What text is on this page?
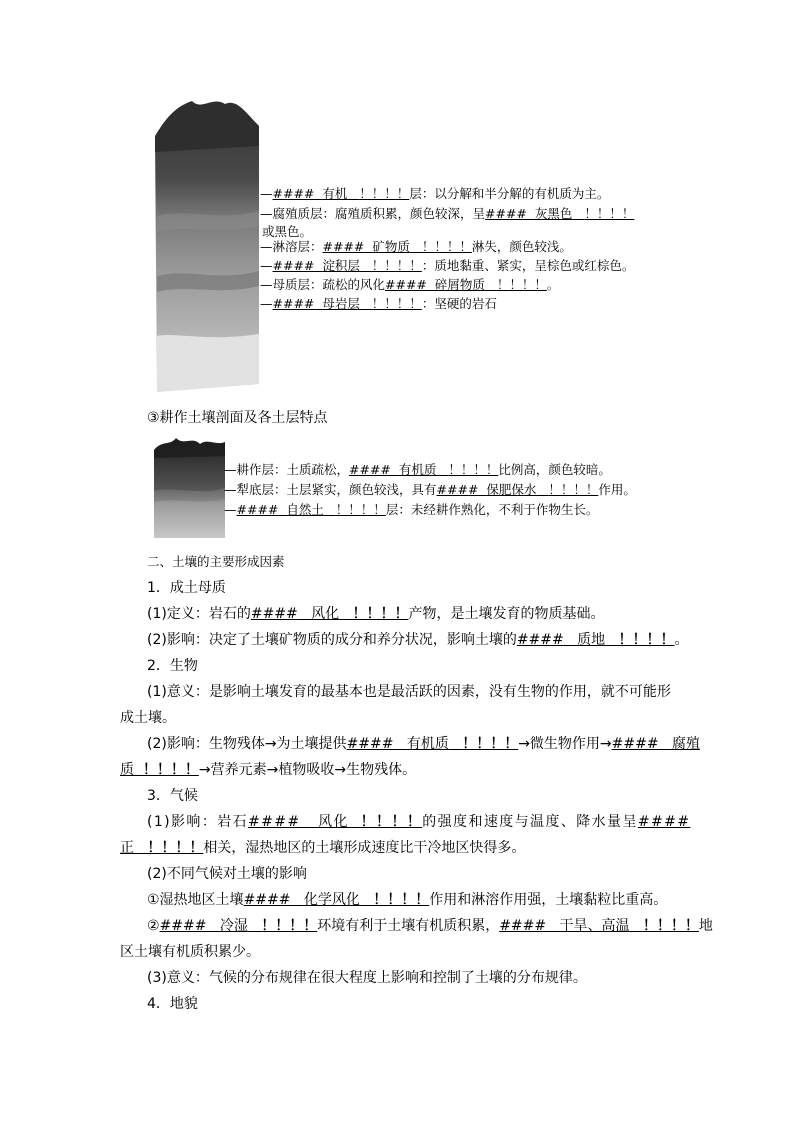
—#### 有机 ！！！！层：以分解和半分解的有机质为主。
—腐殖质层：腐殖质积累，颜色较深，呈#### 灰黑色 ！！！！
或黑色。
—淋溶层：#### 矿物质 ！！！！淋失，颜色较浅。
—#### 淀积层 ！！！！：质地黏重、紧实，呈棕色或红棕色。
—母质层：疏松的风化#### 碎屑物质 ！！！！。
—#### 母岩层 ！！！！：坚硬的岩石
③耕作土壤剖面及各土层特点
—耕作层：土质疏松，#### 有机质 ！！！！比例高，颜色较暗。
—犁底层：土层紧实，颜色较浅，具有#### 保肥保水 ！！！！作用。
—#### 自然土 ！！！！层：未经耕作熟化，不利于作物生长。
二、土壤的主要形成因素
1．成土母质
(1)定义：岩石的#### 风化 ！！！！产物，是土壤发育的物质基础。
(2)影响：决定了土壤矿物质的成分和养分状况，影响土壤的#### 质地 ！！！！。
2．生物
(1)意义：是影响土壤发育的最基本也是最活跃的因素，没有生物的作用，就不可能形
成土壤。
(2)影响：生物残体→为土壤提供#### 有机质 ！！！！→微生物作用→#### 腐殖
质 ！！！！→营养元素→植物吸收→生物残体。
3．气候
(1)影响：岩石#### 风化 ！！！！的强度和速度与温度、降水量呈####
正 ！！！！相关，湿热地区的土壤形成速度比干冷地区快得多。
(2)不同气候对土壤的影响
①湿热地区土壤#### 化学风化 ！！！！作用和淋溶作用强，土壤黏粒比重高。
②#### 冷湿 ！！！！环境有利于土壤有机质积累，#### 干旱、高温 ！！！！地
区土壤有机质积累少。
(3)意义：气候的分布规律在很大程度上影响和控制了土壤的分布规律。
4．地貌
